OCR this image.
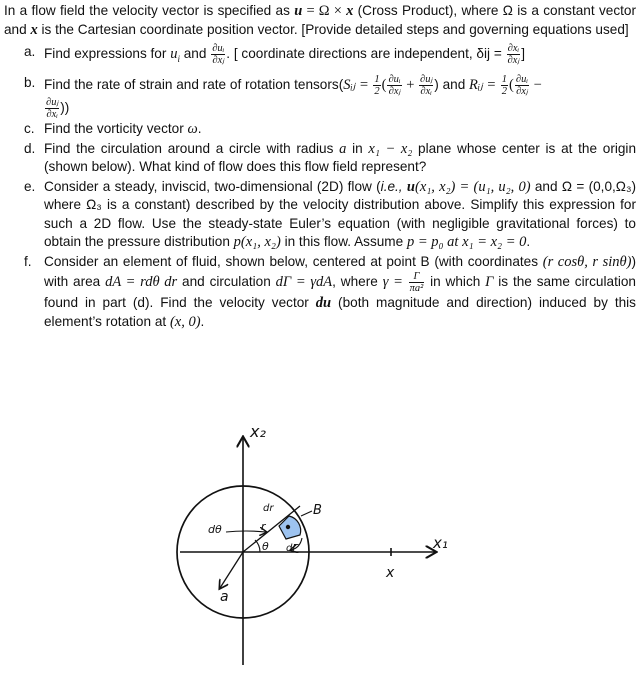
In a flow field the velocity vector is specified as u = Ω × x (Cross Product), where Ω is a constant vector and x is the Cartesian coordinate position vector. [Provide detailed steps and governing equations used]

a. Find expressions for $u_i$ and $\frac{\text{∂uᵢ}}{\text{∂xⱼ}}$ . [ coordinate directions are independent, $\delta ij = \frac{\text{∂xᵢ}}{\text{∂xⱼ}}$ ]

b. Find the rate of strain and rate of rotation tensors(Sᵢⱼ = $\frac{1}{2}$ ( $\frac{\text{∂uᵢ}}{\text{∂xⱼ}} + \frac{\text{∂uⱼ}}{\text{∂xᵢ}}$ ) and Rᵢⱼ = $\frac{1}{2}$ ( $\frac{\text{∂uᵢ}}{\text{∂xⱼ}}$ −

$\frac{\text{∂uⱼ}}{\text{∂xᵢ}}$ ))

c. Find the vorticity vector ω.

d. Find the circulation around a circle with radius a in x₁ − x₂ plane whose center is at the origin (shown below). What kind of flow does this flow field represent?

e. Consider a steady, inviscid, two-dimensional (2D) flow (i.e., u(x₁, x₂) = (u₁, u₂, 0) and Ω = (0,0,Ω₃) where Ω₃ is a constant) described by the velocity distribution above. Simplify this expression for such a 2D flow. Use the steady-state Euler’s equation (with negligible gravitational forces) to obtain the pressure distribution p(x₁, x₂) in this flow. Assume p = p₀ at x₁ = x₂ = 0.

f. Consider an element of fluid, shown below, centered at point B (with coordinates (r cosθ, r sinθ)) with area dA = rdθ dr and circulation dΓ = γdA, where $\gamma = \frac{\Gamma}{\text{πa²}}$ in which Γ is the same circulation found in part (d). Find the velocity vector du (both magnitude and direction) induced by this element’s rotation at (x, 0).

x₂
x₁
B
dθ
θ
r
dr
dΓ
a
x
